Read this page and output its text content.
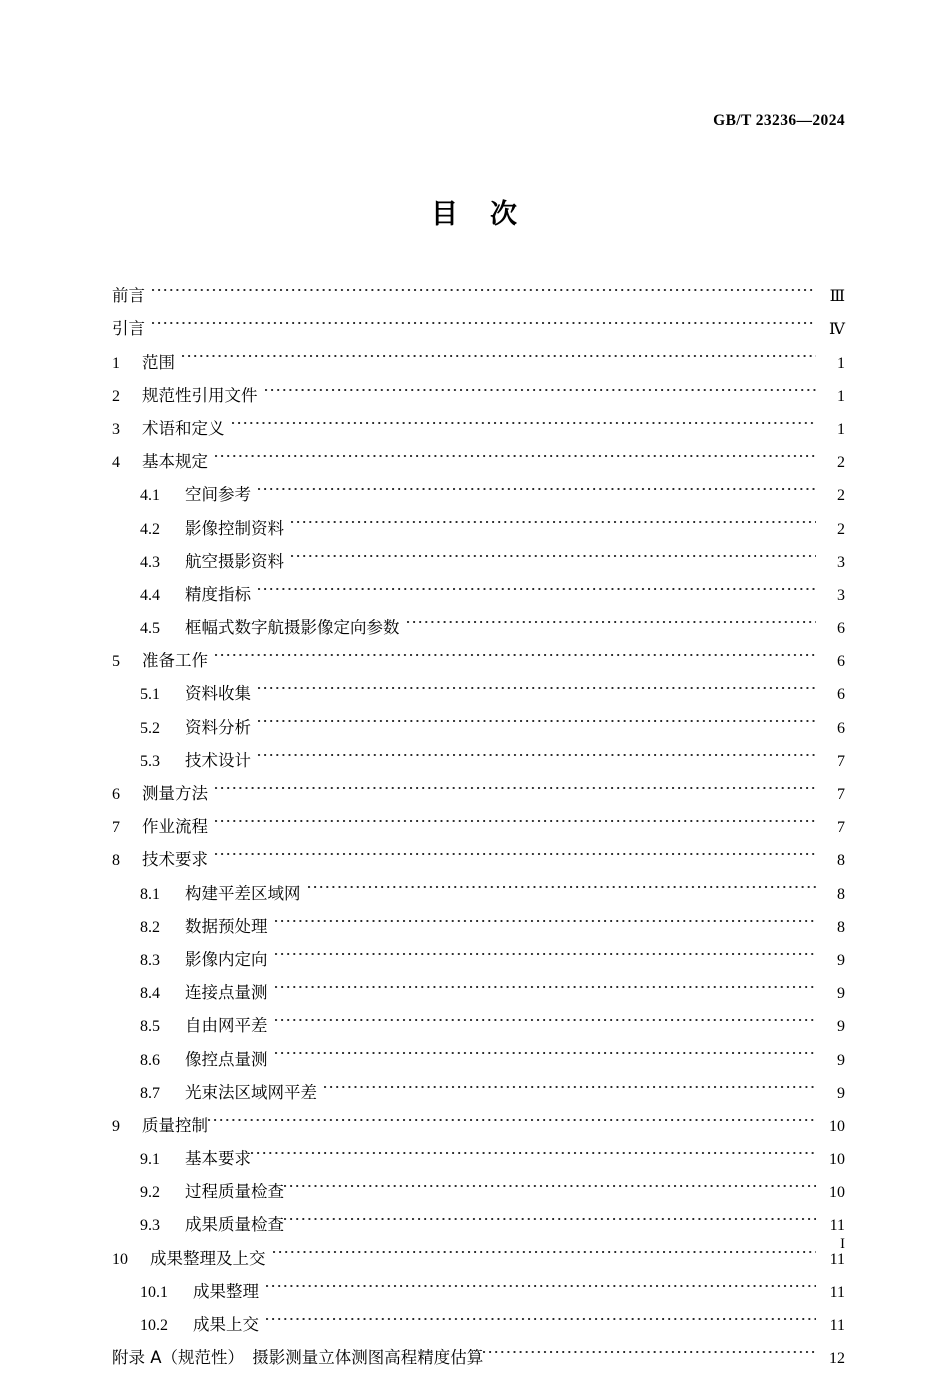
GB/T 23236—2024
目 次
前言	Ⅲ
引言	Ⅳ
1	范围	1
2	规范性引用文件	1
3	术语和定义	1
4	基本规定	2
4.1	空间参考	2
4.2	影像控制资料	2
4.3	航空摄影资料	3
4.4	精度指标	3
4.5	框幅式数字航摄影像定向参数	6
5	准备工作	6
5.1	资料收集	6
5.2	资料分析	6
5.3	技术设计	7
6	测量方法	7
7	作业流程	7
8	技术要求	8
8.1	构建平差区域网	8
8.2	数据预处理	8
8.3	影像内定向	9
8.4	连接点量测	9
8.5	自由网平差	9
8.6	像控点量测	9
8.7	光束法区域网平差	9
9	质量控制	10
9.1	基本要求	10
9.2	过程质量检查	10
9.3	成果质量检查	11
10	成果整理及上交	11
10.1	成果整理	11
10.2	成果上交	11
附录 A（规范性）　摄影测量立体测图高程精度估算	12
I
